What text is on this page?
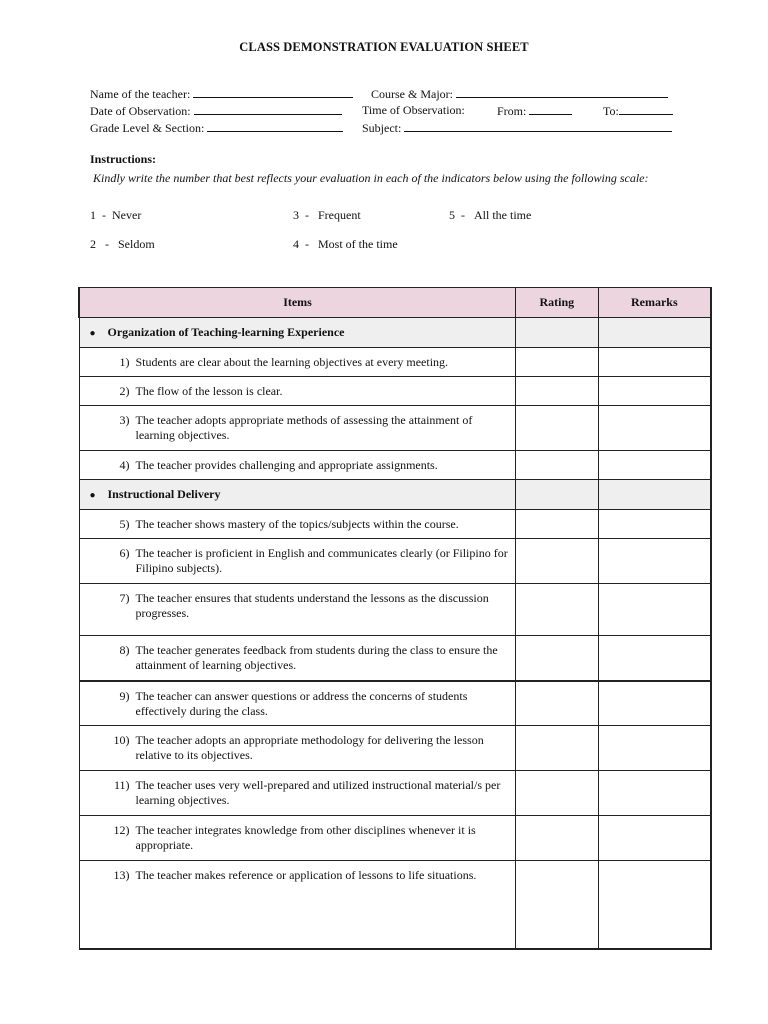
CLASS DEMONSTRATION EVALUATION SHEET
Name of the teacher:	Course & Major:
Date of Observation:	Time of Observation:	From:	To:
Grade Level & Section:	Subject:
Instructions:
Kindly write the number that best reflects your evaluation in each of the indicators below using the following scale:
1  -  Never
2   -   Seldom
3  -   Frequent
4  -   Most of the time
5  -   All the time
Items	Rating	Remarks

● Organization of Teaching-learning Experience		

1) Students are clear about the learning objectives at every meeting.		

2) The flow of the lesson is clear.		

3) The teacher adopts appropriate methods of assessing the attainment of learning objectives.		

4) The teacher provides challenging and appropriate assignments.		

● Instructional Delivery		

5) The teacher shows mastery of the topics/subjects within the course.		

6) The teacher is proficient in English and communicates clearly (or Filipino for Filipino subjects).		

7) The teacher ensures that students understand the lessons as the discussion progresses.		

8) The teacher generates feedback from students during the class to ensure the attainment of learning objectives.		

9) The teacher can answer questions or address the concerns of students effectively during the class.		

10) The teacher adopts an appropriate methodology for delivering the lesson relative to its objectives.		

11) The teacher uses very well-prepared and utilized instructional material/s per learning objectives.		

12) The teacher integrates knowledge from other disciplines whenever it is appropriate.		

13) The teacher makes reference or application of lessons to life situations.		
